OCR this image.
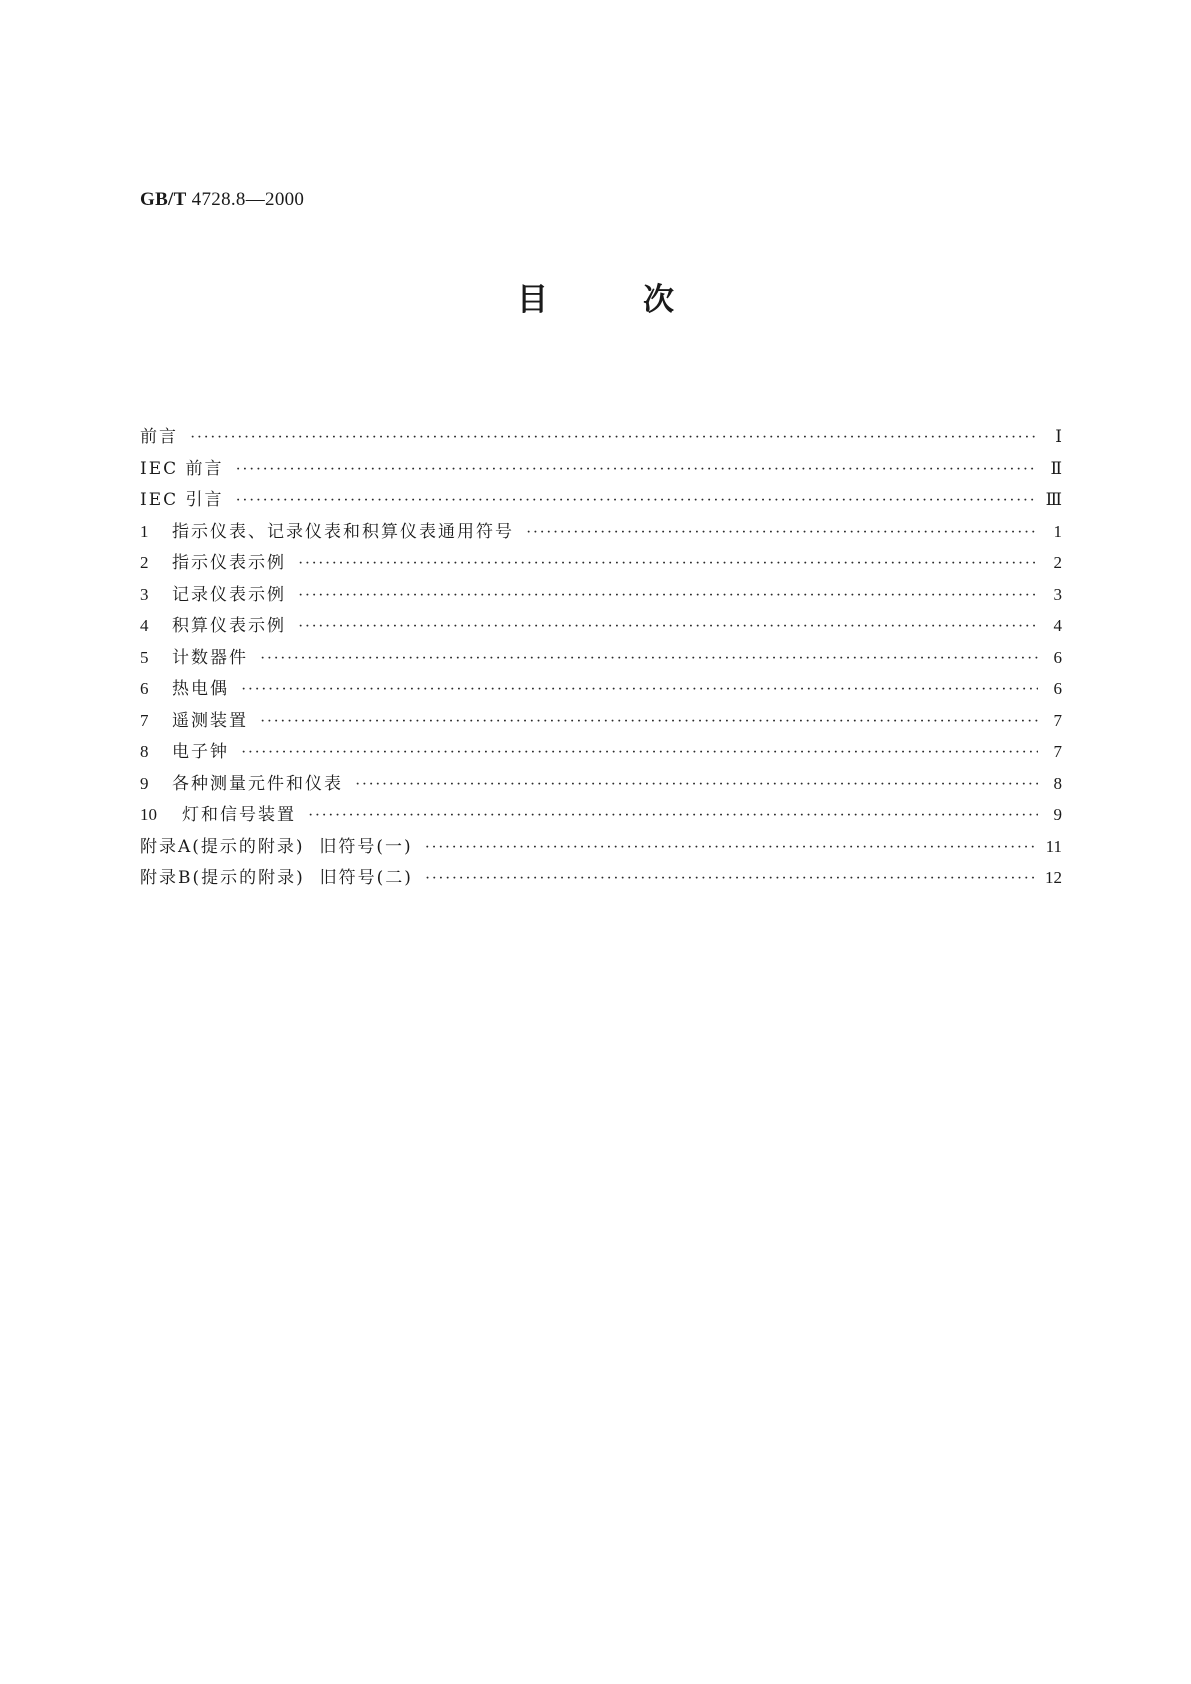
GB/T 4728.8—2000
目	次
前言 ·····	Ⅰ
IEC 前言 ·····	Ⅱ
IEC 引言 ·····	Ⅲ
1	指示仪表、记录仪表和积算仪表通用符号 ·····	1
2	指示仪表示例 ·····	2
3	记录仪表示例 ·····	3
4	积算仪表示例 ·····	4
5	计数器件 ·····	6
6	热电偶 ·····	6
7	遥测装置 ·····	7
8	电子钟 ·····	7
9	各种测量元件和仪表 ·····	8
10	灯和信号装置 ·····	9
附录A(提示的附录)  旧符号(一) ·····	11
附录B(提示的附录)  旧符号(二) ·····	12
